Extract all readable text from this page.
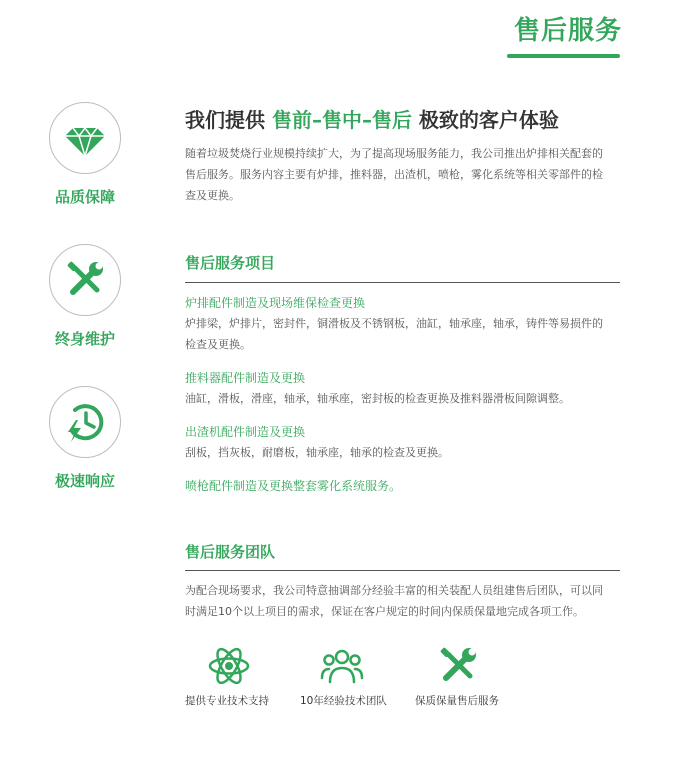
售后服务
品质保障
终身维护
极速响应
我们提供 售前–售中–售后 极致的客户体验
随着垃圾焚烧行业规模持续扩大，为了提高现场服务能力，我公司推出炉排相关配套的
售后服务。服务内容主要有炉排，推料器，出渣机，喷枪，雾化系统等相关零部件的检
查及更换。
售后服务项目
炉排配件制造及现场维保检查更换
炉排梁，炉排片，密封件，铜滑板及不锈钢板，油缸，轴承座，轴承，铸件等易损件的
检查及更换。
推料器配件制造及更换
油缸，滑板，滑座，轴承，轴承座，密封板的检查更换及推料器滑板间隙调整。
出渣机配件制造及更换
刮板，挡灰板，耐磨板，轴承座，轴承的检查及更换。
喷枪配件制造及更换整套雾化系统服务。
售后服务团队
为配合现场要求，我公司特意抽调部分经验丰富的相关装配人员组建售后团队，可以同
时满足10个以上项目的需求，保证在客户规定的时间内保质保量地完成各项工作。
提供专业技术支持	10年经验技术团队	保质保量售后服务
